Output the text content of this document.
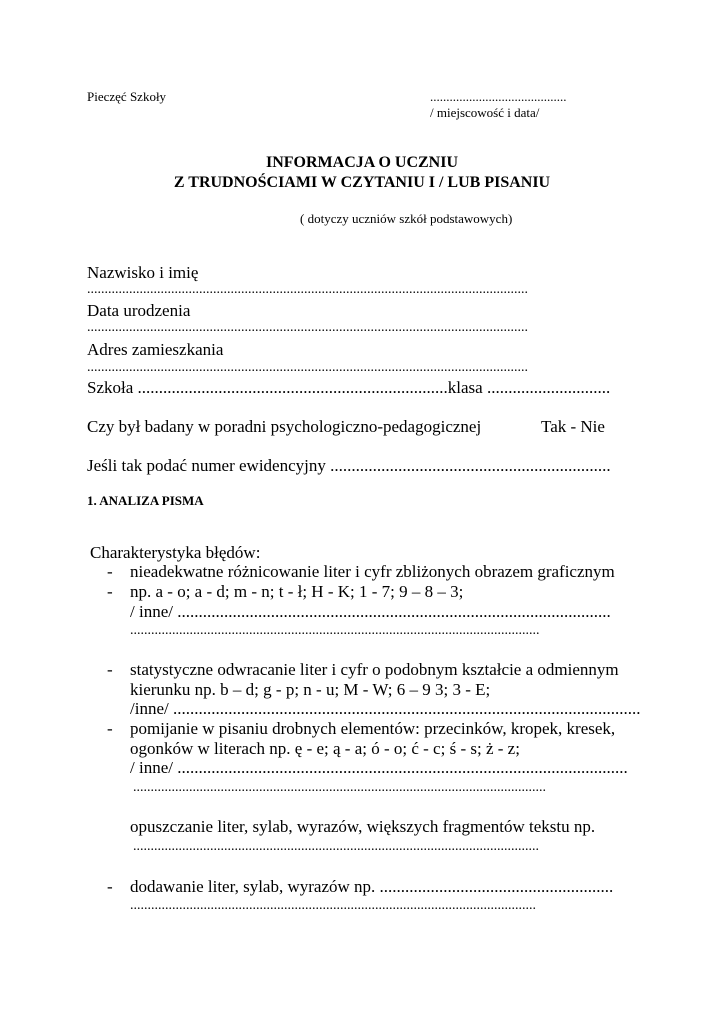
Pieczęć Szkoły	..........................................
/ miejscowość i data/
INFORMACJA O UCZNIU
Z TRUDNOŚCIAMI W CZYTANIU I / LUB PISANIU
( dotyczy uczniów szkół podstawowych)
Nazwisko i imię
..............................................................................................................................
Data urodzenia
..............................................................................................................................
Adres zamieszkania
..............................................................................................................................
Szkoła .........................................................................klasa .............................
Czy był badany w poradni psychologiczno-pedagogicznej	Tak - Nie
Jeśli tak podać numer ewidencyjny ..................................................................
1. ANALIZA PISMA
Charakterystyka błędów:
- nieadekwatne różnicowanie liter i cyfr zbliżonych obrazem graficznym
- np. a - o; a - d; m - n; t - ł; H - K; 1 - 7; 9 – 8 – 3;
/ inne/ ......................................................................................................
.....................................................................................................................
- statystyczne odwracanie liter i cyfr o podobnym kształcie a odmiennym
kierunku np. b – d; g - p; n - u; M - W; 6 – 9 3; 3 - E;
/inne/ ..............................................................................................................
- pomijanie w pisaniu drobnych elementów: przecinków, kropek, kresek,
ogonków w literach np. ę - e; ą - a; ó - o; ć - c; ś - s; ż - z;
/ inne/ ..........................................................................................................
......................................................................................................................
opuszczanie liter, sylab, wyrazów, większych fragmentów tekstu np.
....................................................................................................................
- dodawanie liter, sylab, wyrazów np. .......................................................
....................................................................................................................
